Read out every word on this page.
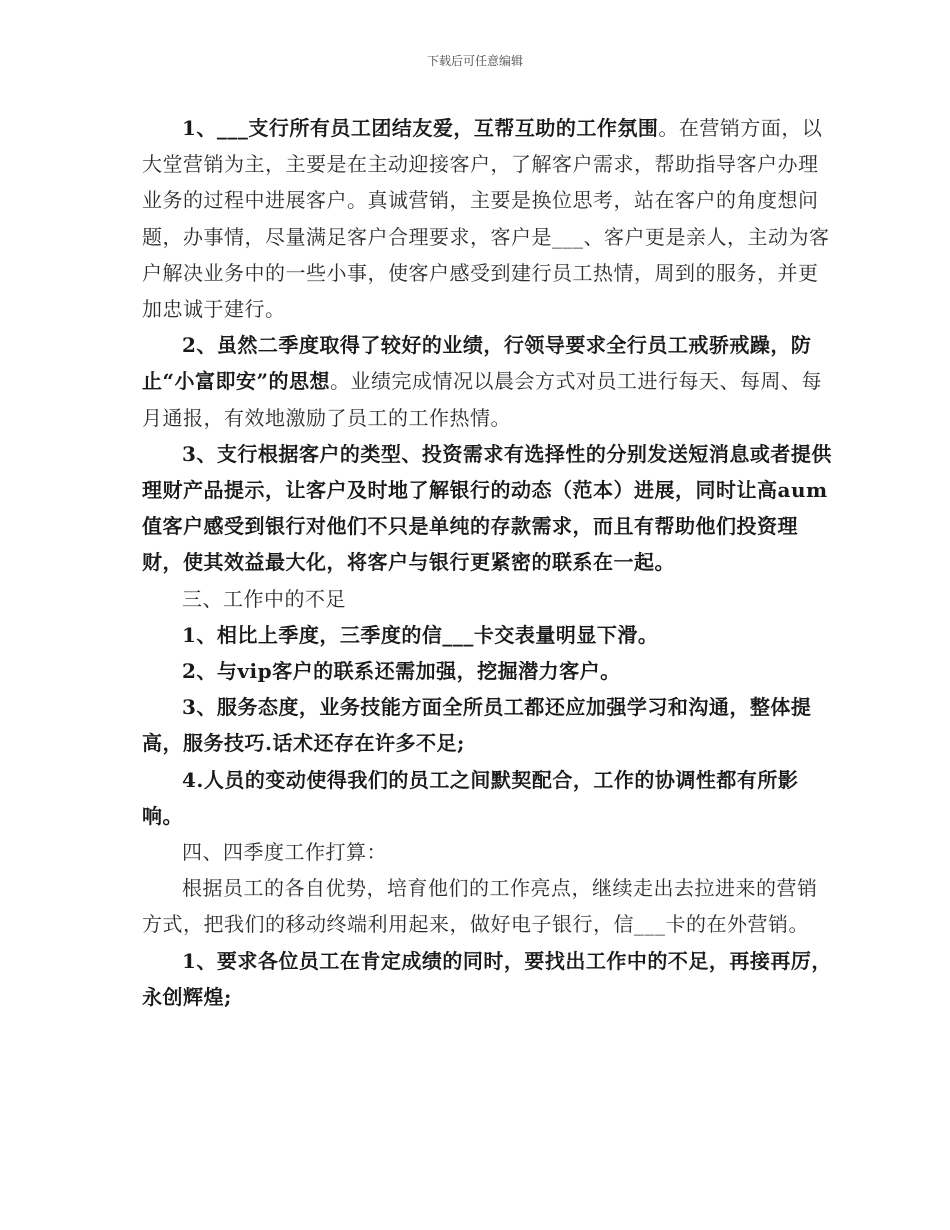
下载后可任意编辑

1、___支行所有员工团结友爱，互帮互助的工作氛围。在营销方面，以大堂营销为主，主要是在主动迎接客户，了解客户需求，帮助指导客户办理业务的过程中进展客户。真诚营销，主要是换位思考，站在客户的角度想问题，办事情，尽量满足客户合理要求，客户是___、客户更是亲人，主动为客户解决业务中的一些小事，使客户感受到建行员工热情，周到的服务，并更加忠诚于建行。

2、虽然二季度取得了较好的业绩，行领导要求全行员工戒骄戒躁，防止“小富即安”的思想。业绩完成情况以晨会方式对员工进行每天、每周、每月通报，有效地激励了员工的工作热情。

3、支行根据客户的类型、投资需求有选择性的分别发送短消息或者提供理财产品提示，让客户及时地了解银行的动态（范本）进展，同时让高aum值客户感受到银行对他们不只是单纯的存款需求，而且有帮助他们投资理财，使其效益最大化，将客户与银行更紧密的联系在一起。

三、工作中的不足

1、相比上季度，三季度的信___卡交表量明显下滑。

2、与vip客户的联系还需加强，挖掘潜力客户。

3、服务态度，业务技能方面全所员工都还应加强学习和沟通，整体提高，服务技巧.话术还存在许多不足;

4.人员的变动使得我们的员工之间默契配合，工作的协调性都有所影响。

四、四季度工作打算：

根据员工的各自优势，培育他们的工作亮点，继续走出去拉进来的营销方式，把我们的移动终端利用起来，做好电子银行，信___卡的在外营销。

1、要求各位员工在肯定成绩的同时，要找出工作中的不足，再接再厉，永创辉煌;
